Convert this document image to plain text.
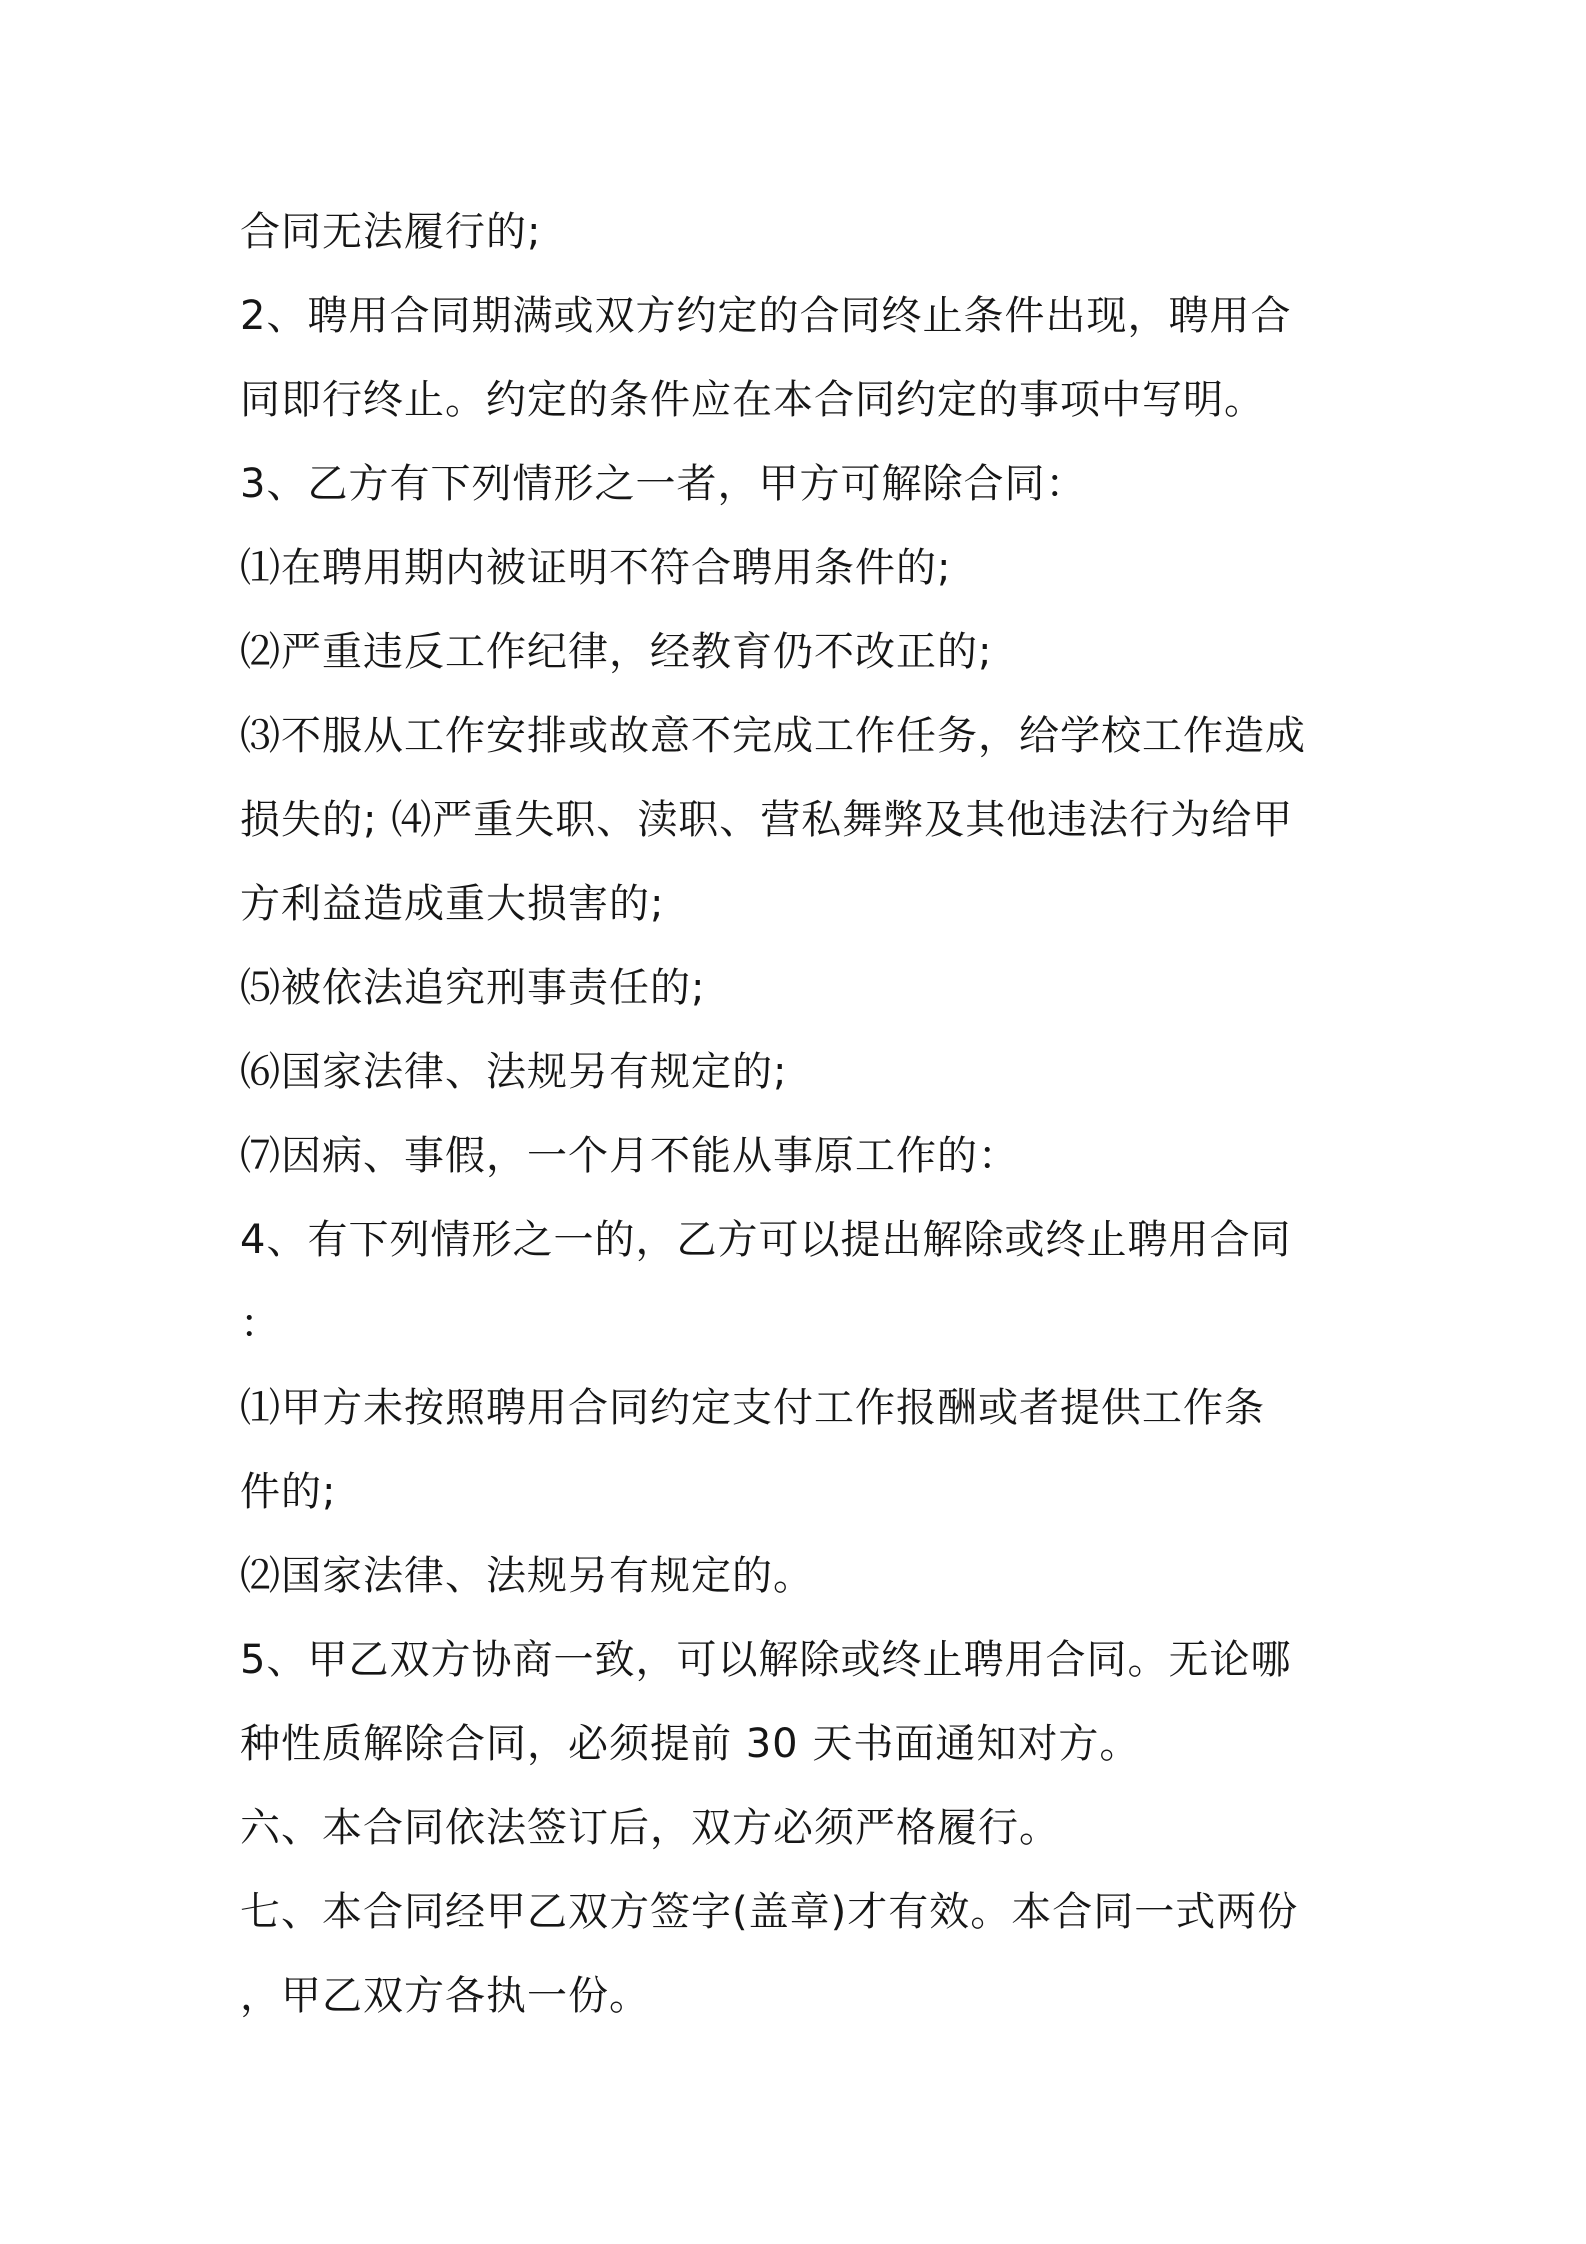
合同无法履行的;
2、聘用合同期满或双方约定的合同终止条件出现，聘用合
同即行终止。约定的条件应在本合同约定的事项中写明。
3、乙方有下列情形之一者，甲方可解除合同：
⑴在聘用期内被证明不符合聘用条件的;
⑵严重违反工作纪律，经教育仍不改正的;
⑶不服从工作安排或故意不完成工作任务，给学校工作造成
损失的; ⑷严重失职、渎职、营私舞弊及其他违法行为给甲
方利益造成重大损害的;
⑸被依法追究刑事责任的;
⑹国家法律、法规另有规定的;
⑺因病、事假，一个月不能从事原工作的：
4、有下列情形之一的，乙方可以提出解除或终止聘用合同
：
⑴甲方未按照聘用合同约定支付工作报酬或者提供工作条
件的;
⑵国家法律、法规另有规定的。
5、甲乙双方协商一致，可以解除或终止聘用合同。无论哪
种性质解除合同，必须提前 30 天书面通知对方。
六、本合同依法签订后，双方必须严格履行。
七、本合同经甲乙双方签字(盖章)才有效。本合同一式两份
，甲乙双方各执一份。
